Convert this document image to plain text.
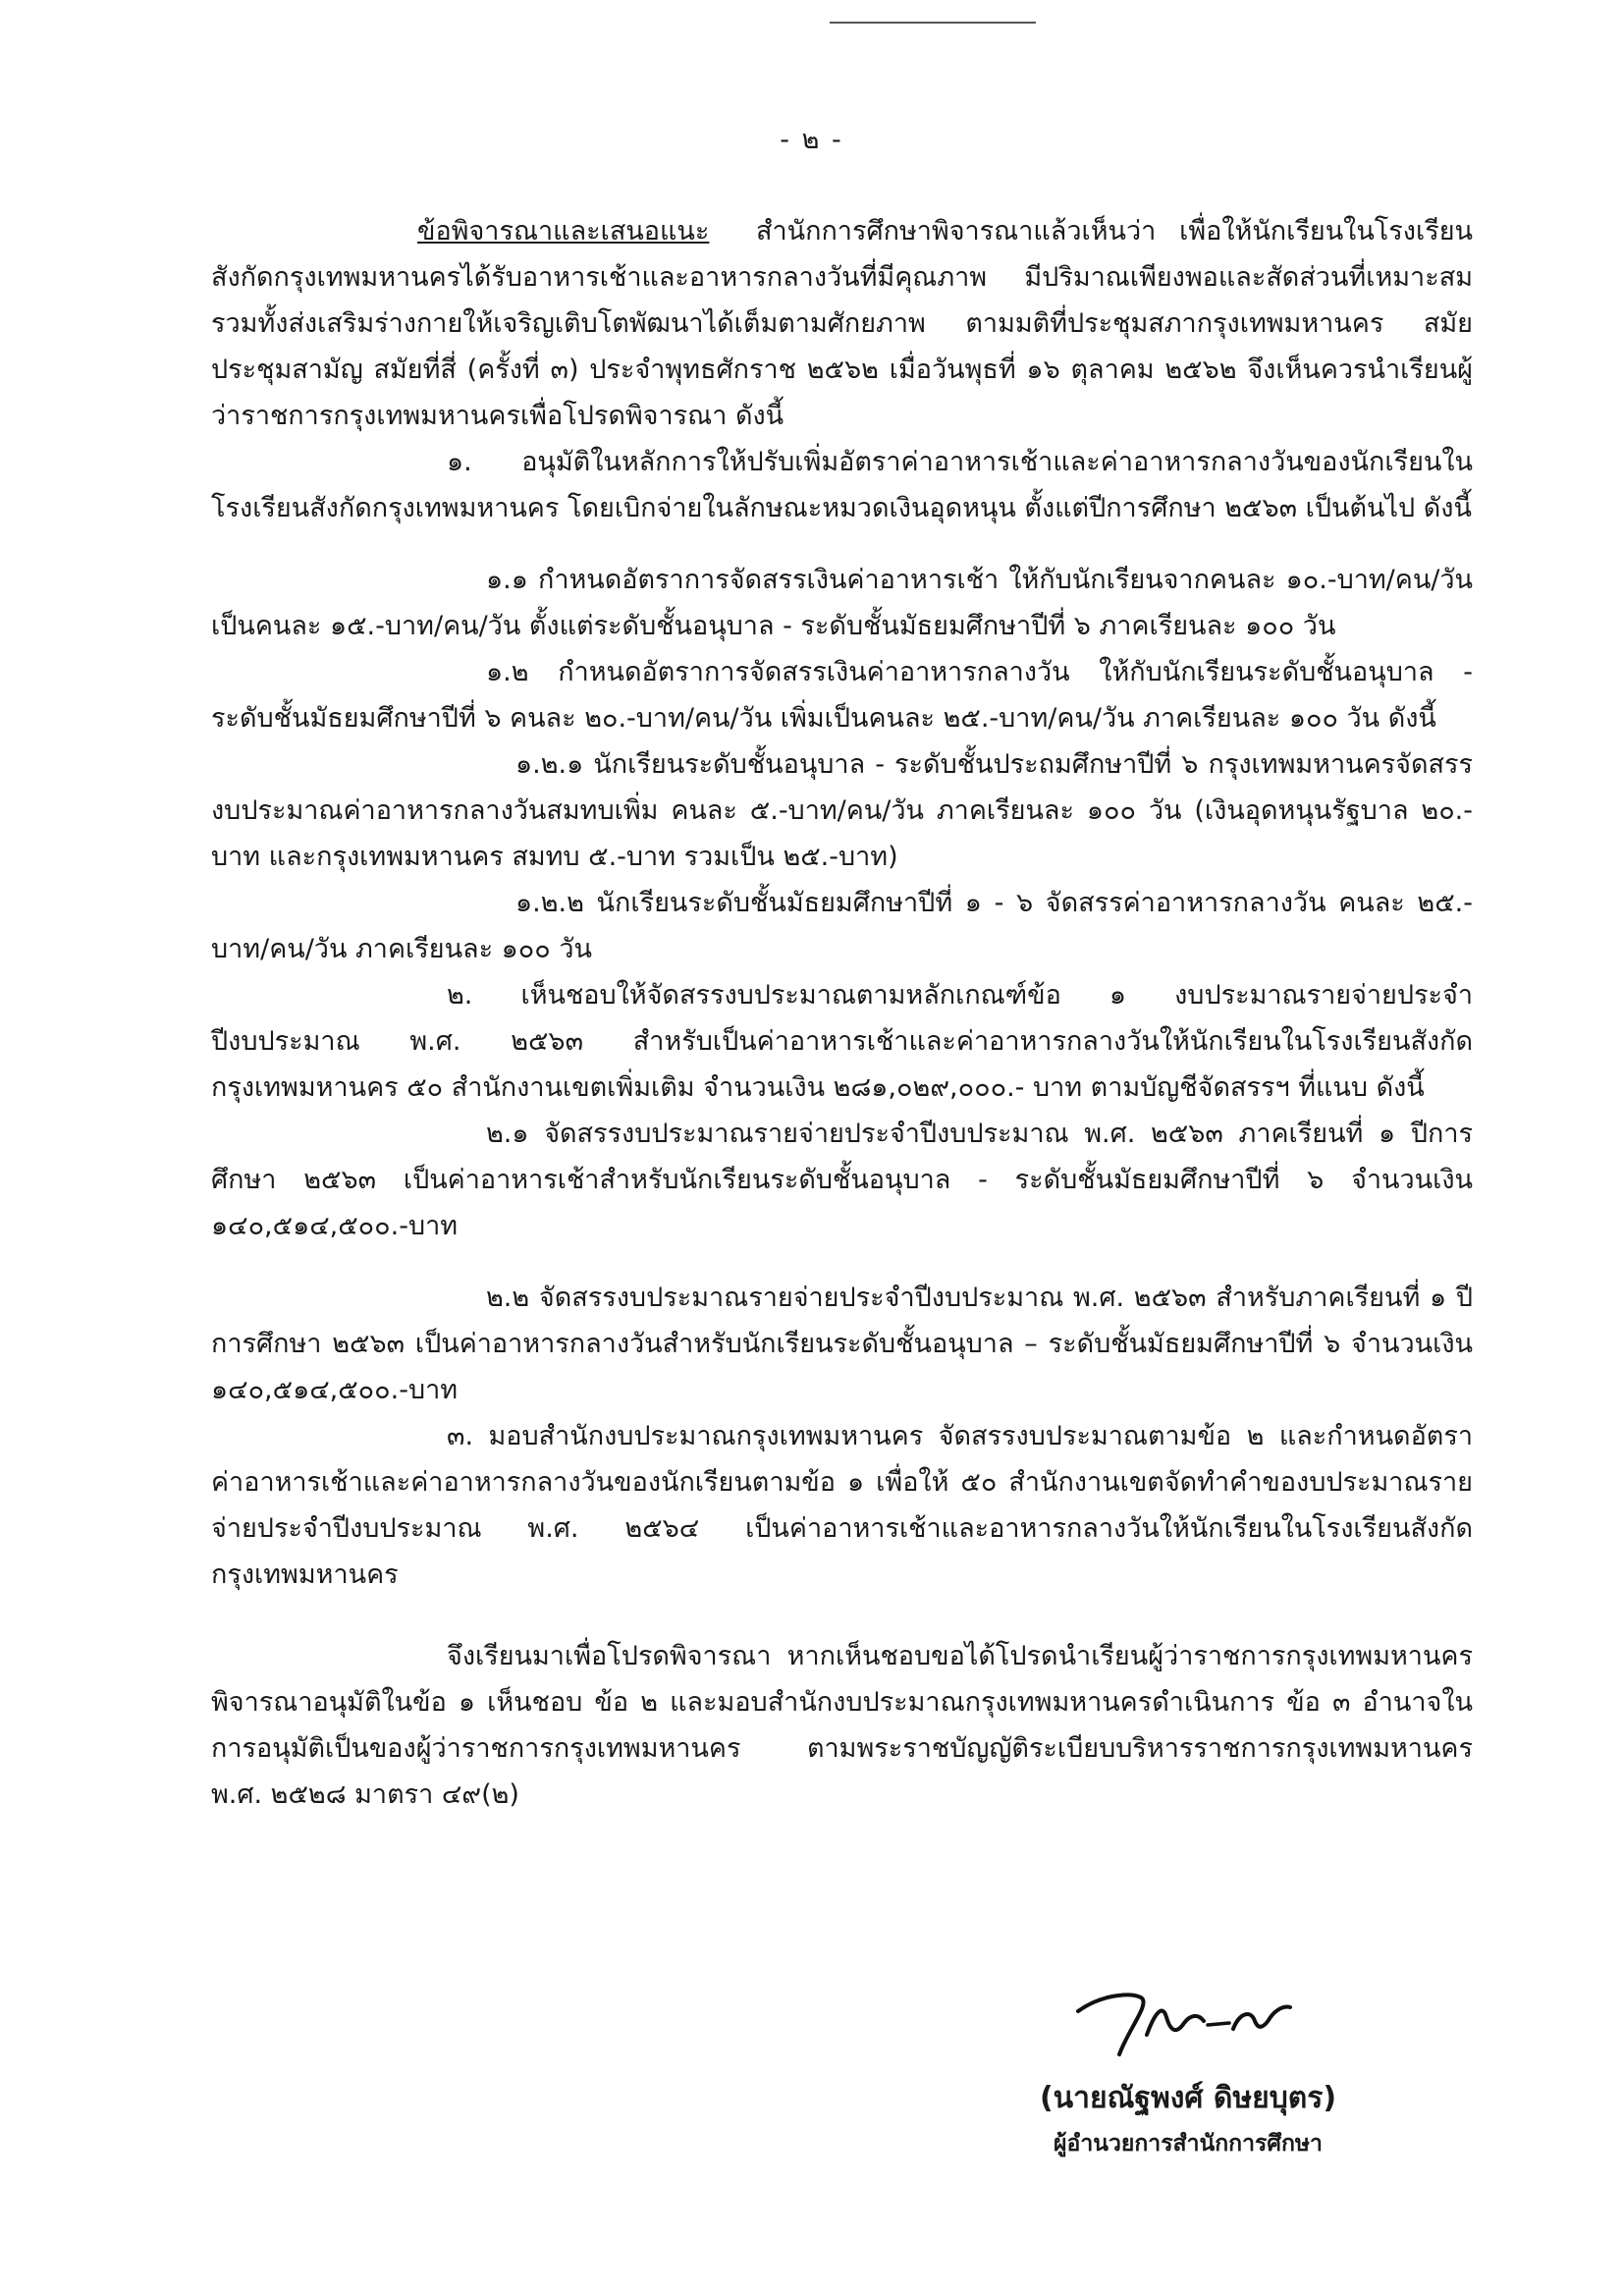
- ๒ -

ข้อพิจารณาและเสนอแนะ สำนักการศึกษาพิจารณาแล้วเห็นว่า เพื่อให้นักเรียนในโรงเรียนสังกัดกรุงเทพมหานครได้รับอาหารเช้าและอาหารกลางวันที่มีคุณภาพ มีปริมาณเพียงพอและสัดส่วนที่เหมาะสม รวมทั้งส่งเสริมร่างกายให้เจริญเติบโตพัฒนาได้เต็มตามศักยภาพ ตามมติที่ประชุมสภากรุงเทพมหานคร สมัยประชุมสามัญ สมัยที่สี่ (ครั้งที่ ๓) ประจำพุทธศักราช ๒๕๖๒ เมื่อวันพุธที่ ๑๖ ตุลาคม ๒๕๖๒ จึงเห็นควรนำเรียนผู้ว่าราชการกรุงเทพมหานครเพื่อโปรดพิจารณา ดังนี้

๑. อนุมัติในหลักการให้ปรับเพิ่มอัตราค่าอาหารเช้าและค่าอาหารกลางวันของนักเรียนในโรงเรียนสังกัดกรุงเทพมหานคร โดยเบิกจ่ายในลักษณะหมวดเงินอุดหนุน ตั้งแต่ปีการศึกษา ๒๕๖๓ เป็นต้นไป ดังนี้

๑.๑ กำหนดอัตราการจัดสรรเงินค่าอาหารเช้า ให้กับนักเรียนจากคนละ ๑๐.-บาท/คน/วัน เป็นคนละ ๑๕.-บาท/คน/วัน ตั้งแต่ระดับชั้นอนุบาล - ระดับชั้นมัธยมศึกษาปีที่ ๖ ภาคเรียนละ ๑๐๐ วัน

๑.๒ กำหนดอัตราการจัดสรรเงินค่าอาหารกลางวัน ให้กับนักเรียนระดับชั้นอนุบาล - ระดับชั้นมัธยมศึกษาปีที่ ๖ คนละ ๒๐.-บาท/คน/วัน เพิ่มเป็นคนละ ๒๕.-บาท/คน/วัน ภาคเรียนละ ๑๐๐ วัน ดังนี้

๑.๒.๑ นักเรียนระดับชั้นอนุบาล - ระดับชั้นประถมศึกษาปีที่ ๖ กรุงเทพมหานครจัดสรรงบประมาณค่าอาหารกลางวันสมทบเพิ่ม คนละ ๕.-บาท/คน/วัน ภาคเรียนละ ๑๐๐ วัน (เงินอุดหนุนรัฐบาล ๒๐.-บาท และกรุงเทพมหานคร สมทบ ๕.-บาท รวมเป็น ๒๕.-บาท)

๑.๒.๒ นักเรียนระดับชั้นมัธยมศึกษาปีที่ ๑ - ๖ จัดสรรค่าอาหารกลางวัน คนละ ๒๕.-บาท/คน/วัน ภาคเรียนละ ๑๐๐ วัน

๒. เห็นชอบให้จัดสรรงบประมาณตามหลักเกณฑ์ข้อ ๑ งบประมาณรายจ่ายประจำปีงบประมาณ พ.ศ. ๒๕๖๓ สำหรับเป็นค่าอาหารเช้าและค่าอาหารกลางวันให้นักเรียนในโรงเรียนสังกัดกรุงเทพมหานคร ๕๐ สำนักงานเขตเพิ่มเติม จำนวนเงิน ๒๘๑,๐๒๙,๐๐๐.- บาท ตามบัญชีจัดสรรฯ ที่แนบ ดังนี้

๒.๑ จัดสรรงบประมาณรายจ่ายประจำปีงบประมาณ พ.ศ. ๒๕๖๓ ภาคเรียนที่ ๑ ปีการศึกษา ๒๕๖๓ เป็นค่าอาหารเช้าสำหรับนักเรียนระดับชั้นอนุบาล - ระดับชั้นมัธยมศึกษาปีที่ ๖ จำนวนเงิน ๑๔๐,๕๑๔,๕๐๐.-บาท

๒.๒ จัดสรรงบประมาณรายจ่ายประจำปีงบประมาณ พ.ศ. ๒๕๖๓ สำหรับภาคเรียนที่ ๑ ปีการศึกษา ๒๕๖๓ เป็นค่าอาหารกลางวันสำหรับนักเรียนระดับชั้นอนุบาล – ระดับชั้นมัธยมศึกษาปีที่ ๖ จำนวนเงิน ๑๔๐,๕๑๔,๕๐๐.-บาท

๓. มอบสำนักงบประมาณกรุงเทพมหานคร จัดสรรงบประมาณตามข้อ ๒ และกำหนดอัตราค่าอาหารเช้าและค่าอาหารกลางวันของนักเรียนตามข้อ ๑ เพื่อให้ ๕๐ สำนักงานเขตจัดทำคำของบประมาณรายจ่ายประจำปีงบประมาณ พ.ศ. ๒๕๖๔ เป็นค่าอาหารเช้าและอาหารกลางวันให้นักเรียนในโรงเรียนสังกัดกรุงเทพมหานคร

จึงเรียนมาเพื่อโปรดพิจารณา หากเห็นชอบขอได้โปรดนำเรียนผู้ว่าราชการกรุงเทพมหานครพิจารณาอนุมัติในข้อ ๑ เห็นชอบ ข้อ ๒ และมอบสำนักงบประมาณกรุงเทพมหานครดำเนินการ ข้อ ๓ อำนาจในการอนุมัติเป็นของผู้ว่าราชการกรุงเทพมหานคร ตามพระราชบัญญัติระเบียบบริหารราชการกรุงเทพมหานคร พ.ศ. ๒๕๒๘ มาตรา ๔๙(๒)

(นายณัฐพงศ์ ดิษยบุตร)
ผู้อำนวยการสำนักการศึกษา
